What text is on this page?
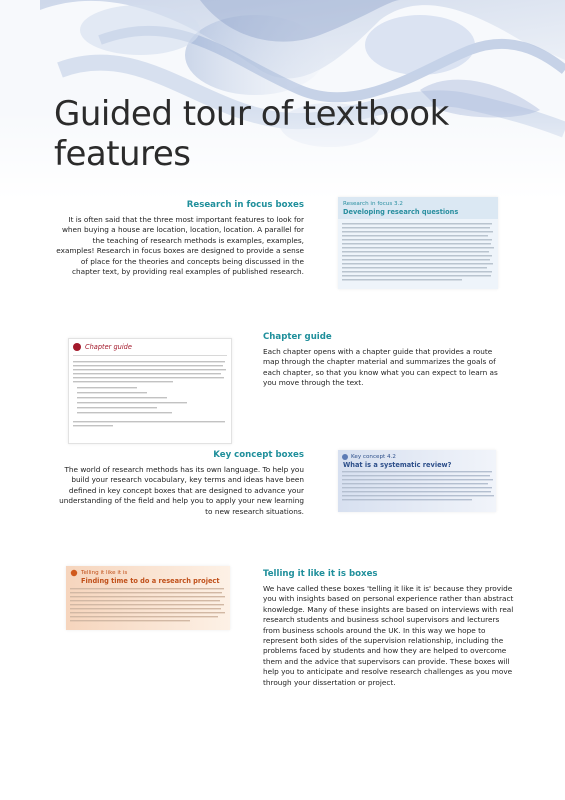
Guided tour of textbook features
Research in focus boxes

It is often said that the three most important features to look for when buying a house are location, location, location. A parallel for the teaching of research methods is examples, examples, examples! Research in focus boxes are designed to provide a sense of place for the theories and concepts being discussed in the chapter text, by providing real examples of published research.

Research in focus 3.2
Developing research questions
Chapter guide
Chapter guide

Each chapter opens with a chapter guide that provides a route map through the chapter material and summarizes the goals of each chapter, so that you know what you can expect to learn as you move through the text.

Key concept boxes

The world of research methods has its own language. To help you build your research vocabulary, key terms and ideas have been defined in key concept boxes that are designed to advance your understanding of the field and help you to apply your new learning to new research situations.

Key concept 4.2
What is a systematic review?
Telling it like it is
Finding time to do a research project
Telling it like it is boxes

We have called these boxes 'telling it like it is' because they provide you with insights based on personal experience rather than abstract knowledge. Many of these insights are based on interviews with real research students and business school supervisors and lecturers from business schools around the UK. In this way we hope to represent both sides of the supervision relationship, including the problems faced by students and how they are helped to overcome them and the advice that supervisors can provide. These boxes will help you to anticipate and resolve research challenges as you move through your dissertation or project.
